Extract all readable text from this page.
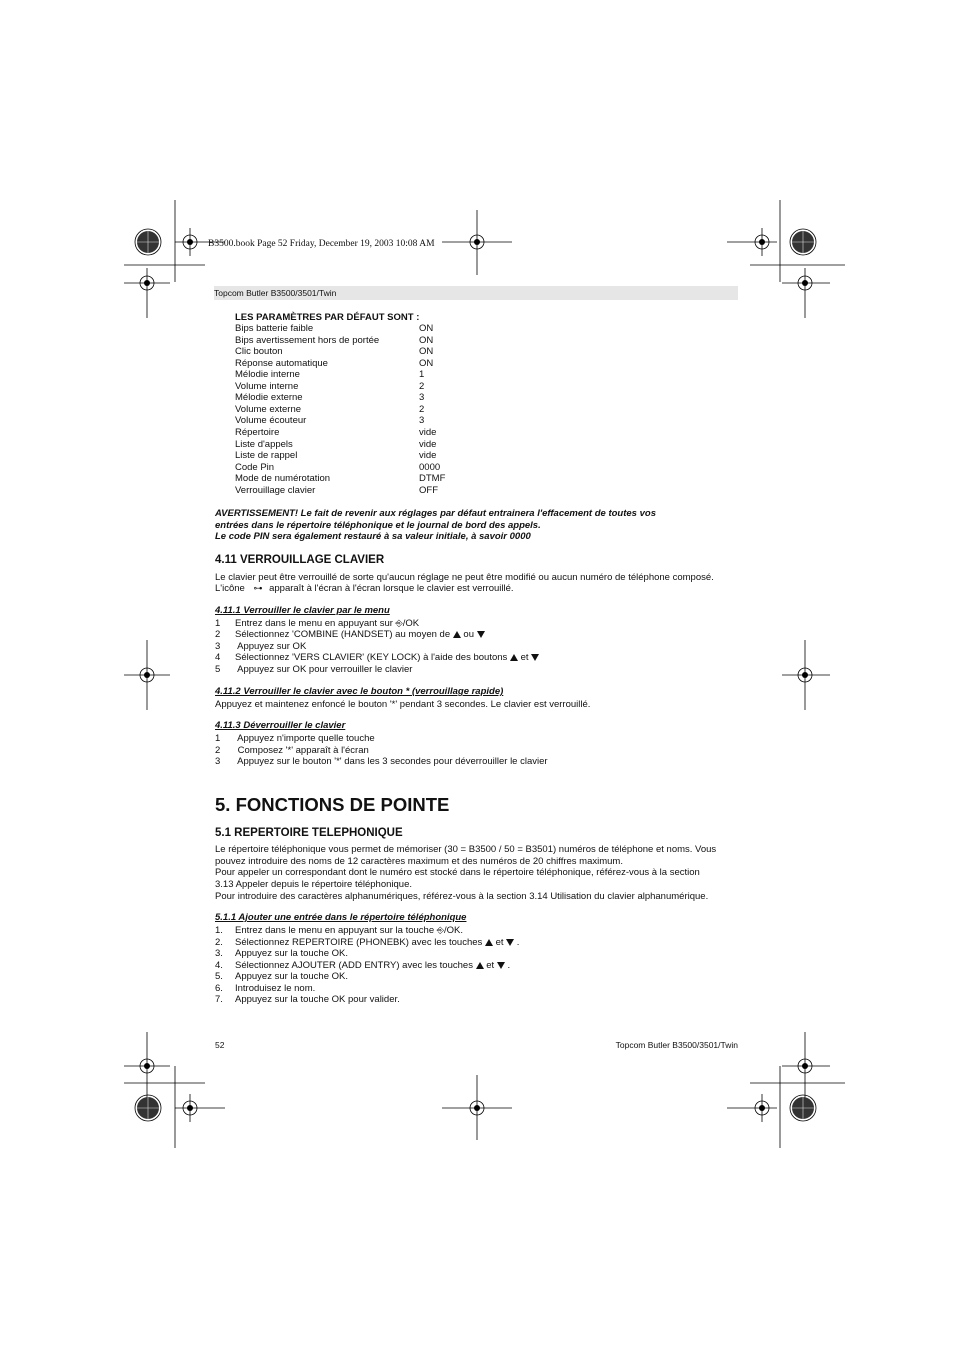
B3500.book Page 52 Friday, December 19, 2003 10:08 AM
Topcom Butler B3500/3501/Twin
LES PARAMÈTRES PAR DÉFAUT SONT :
Bips batterie faible	ON
Bips avertissement hors de portée	ON
Clic bouton	ON
Réponse automatique	ON
Mélodie interne	1
Volume interne	2
Mélodie externe	3
Volume externe	2
Volume écouteur	3
Répertoire	vide
Liste d'appels	vide
Liste de rappel	vide
Code Pin	0000
Mode de numérotation	DTMF
Verrouillage clavier	OFF
AVERTISSEMENT! Le fait de revenir aux réglages par défaut entrainera l'effacement de toutes vos
entrées dans le répertoire téléphonique et le journal de bord des appels.
Le code PIN sera également restauré à sa valeur initiale, à savoir 0000
4.11 VERROUILLAGE CLAVIER
Le clavier peut être verrouillé de sorte qu'aucun réglage ne peut être modifié ou aucun numéro de téléphone composé.
L'icône ⊶ apparaît à l'écran à l'écran lorsque le clavier est verrouillé.
4.11.1 Verrouiller le clavier par le menu
1 Entrez dans le menu en appuyant sur ⎆/OK
2 Sélectionnez 'COMBINE (HANDSET) au moyen de ou
3 Appuyez sur OK
4 Sélectionnez 'VERS CLAVIER' (KEY LOCK) à l'aide des boutons et
5 Appuyez sur OK pour verrouiller le clavier
4.11.2 Verrouiller le clavier avec le bouton * (verrouillage rapide)
Appuyez et maintenez enfoncé le bouton '*' pendant 3 secondes. Le clavier est verrouillé.
4.11.3 Déverrouiller le clavier
1 Appuyez n'importe quelle touche
2 Composez '*' apparaît à l'écran
3 Appuyez sur le bouton '*' dans les 3 secondes pour déverrouiller le clavier
5. FONCTIONS DE POINTE
5.1 REPERTOIRE TELEPHONIQUE
Le répertoire téléphonique vous permet de mémoriser (30 = B3500 / 50 = B3501) numéros de téléphone et noms. Vous
pouvez introduire des noms de 12 caractères maximum et des numéros de 20 chiffres maximum.
Pour appeler un correspondant dont le numéro est stocké dans le répertoire téléphonique, référez-vous à la section
3.13 Appeler depuis le répertoire téléphonique.
Pour introduire des caractères alphanumériques, référez-vous à la section 3.14 Utilisation du clavier alphanumérique.
5.1.1 Ajouter une entrée dans le répertoire téléphonique
1. Entrez dans le menu en appuyant sur la touche ⎆/OK.
2. Sélectionnez REPERTOIRE (PHONEBK) avec les touches et .
3. Appuyez sur la touche OK.
4. Sélectionnez AJOUTER (ADD ENTRY) avec les touches et .
5. Appuyez sur la touche OK.
6. Introduisez le nom.
7. Appuyez sur la touche OK pour valider.
52	Topcom Butler B3500/3501/Twin
